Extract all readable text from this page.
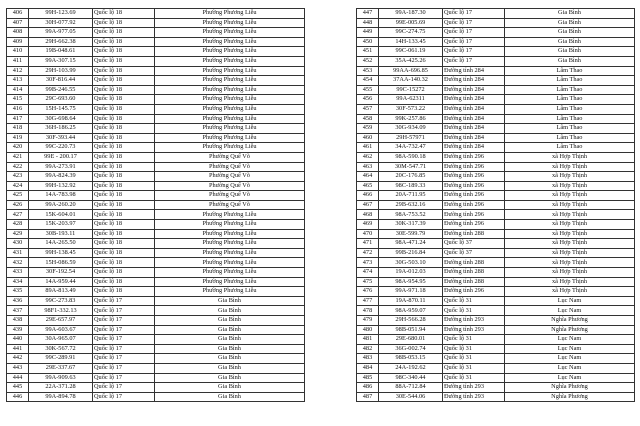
406	99H-123.69	Quốc lộ 18	Phường Phương Liễu
407	30H-077.92	Quốc lộ 18	Phường Phương Liễu
408	99A-977.05	Quốc lộ 18	Phường Phương Liễu
409	29H-662.38	Quốc lộ 18	Phường Phương Liễu
410	19B-048.61	Quốc lộ 18	Phường Phương Liễu
411	99A-307.15	Quốc lộ 18	Phường Phương Liễu
412	29H-103.99	Quốc lộ 18	Phường Phương Liễu
413	30F-816.44	Quốc lộ 18	Phường Phương Liễu
414	99B-246.55	Quốc lộ 18	Phường Phương Liễu
415	29C-693.60	Quốc lộ 18	Phường Phương Liễu
416	15H-145.75	Quốc lộ 18	Phường Phương Liễu
417	30G-698.64	Quốc lộ 18	Phường Phương Liễu
418	36H-186.25	Quốc lộ 18	Phường Phương Liễu
419	30F-393.44	Quốc lộ 18	Phường Phương Liễu
420	99C-220.73	Quốc lộ 18	Phường Phương Liễu
421	99E - 200.17	Quốc lộ 18	Phường Quế Võ
422	99A-273.91	Quốc lộ 18	Phường Quế Võ
423	99A-824.39	Quốc lộ 18	Phường Quế Võ
424	99H-132.92	Quốc lộ 18	Phường Quế Võ
425	14A-783.98	Quốc lộ 18	Phường Quế Võ
426	99A-260.20	Quốc lộ 18	Phường Quế Võ
427	15K-604.01	Quốc lộ 18	Phường Phương Liễu
428	15K-203.97	Quốc lộ 18	Phường Phương Liễu
429	30B-193.11	Quốc lộ 18	Phường Phương Liễu
430	14A-265.50	Quốc lộ 18	Phường Phương Liễu
431	99H-138.45	Quốc lộ 18	Phường Phương Liễu
432	15H-086.59	Quốc lộ 18	Phường Phương Liễu
433	30F-192.54	Quốc lộ 18	Phường Phương Liễu
434	14A-959.44	Quốc lộ 18	Phường Phương Liễu
435	89A-813.49	Quốc lộ 18	Phường Phương Liễu
436	99C-273.83	Quốc lộ 17	Gia Bình
437	98F1-332.13	Quốc lộ 17	Gia Bình
438	29E-657.97	Quốc lộ 17	Gia Bình
439	99A-603.67	Quốc lộ 17	Gia Bình
440	30A-965.07	Quốc lộ 17	Gia Bình
441	30K-567.72	Quốc lộ 17	Gia Bình
442	99C-289.91	Quốc lộ 17	Gia Bình
443	29E-337.67	Quốc lộ 17	Gia Bình
444	99A-909.63	Quốc lộ 17	Gia Bình
445	22A-371.28	Quốc lộ 17	Gia Bình
446	99A-894.78	Quốc lộ 17	Gia Bình
447	99A-187.30	Quốc lộ 17	Gia Bình
448	99E-005.69	Quốc lộ 17	Gia Bình
449	99C-274.75	Quốc lộ 17	Gia Bình
450	14H-133.45	Quốc lộ 17	Gia Bình
451	99C-061.19	Quốc lộ 17	Gia Bình
452	35A-425.26	Quốc lộ 17	Gia Bình
453	99AA-696.85	Đường tỉnh 284	Lâm Thao
454	37AA-140.32	Đường tỉnh 284	Lâm Thao
455	99C-15272	Đường tỉnh 284	Lâm Thao
456	99A-62311	Đường tỉnh 284	Lâm Thao
457	30F-573.22	Đường tỉnh 284	Lâm Thao
458	99K-257.86	Đường tỉnh 284	Lâm Thao
459	30G-934.09	Đường tỉnh 284	Lâm Thao
460	29H-57971	Đường tỉnh 284	Lâm Thao
461	34A-732.47	Đường tỉnh 284	Lâm Thao
462	98A-590.18	Đường tỉnh 296	xã Hợp Thịnh
463	30M-547.71	Đường tỉnh 296	xã Hợp Thịnh
464	20C-176.85	Đường tỉnh 296	xã Hợp Thịnh
465	98C-189.33	Đường tỉnh 296	xã Hợp Thịnh
466	20A-711.95	Đường tỉnh 296	xã Hợp Thịnh
467	29B-632.16	Đường tỉnh 296	xã Hợp Thịnh
468	98A-753.52	Đường tỉnh 296	xã Hợp Thịnh
469	30K-317.39	Đường tỉnh 296	xã Hợp Thịnh
470	30E-599.79	Đường tỉnh 288	xã Hợp Thịnh
471	98A-471.24	Quốc lộ 37	xã Hợp Thịnh
472	99B-216.84	Quốc lộ 37	xã Hợp Thịnh
473	30G-503.10	Đường tỉnh 288	xã Hợp Thịnh
474	19A-012.03	Đường tỉnh 288	xã Hợp Thịnh
475	98A-954.95	Đường tỉnh 288	xã Hợp Thịnh
476	99A-971.18	Đường tỉnh 296	xã Hợp Thịnh
477	19A-870.11	Quốc lộ 31	Lục Nam
478	98A-959.07	Quốc lộ 31	Lục Nam
479	29H-566.28	Đường tỉnh 293	Nghĩa Phương
480	98B-051.94	Đường tỉnh 293	Nghĩa Phương
481	29E-680.01	Quốc lộ 31	Lục Nam
482	36G-002.74	Quốc lộ 31	Lục Nam
483	98B-053.15	Quốc lộ 31	Lục Nam
484	24A-192.62	Quốc lộ 31	Lục Nam
485	98C-340.44	Quốc lộ 31	Lục Nam
486	88A-712.84	Đường tỉnh 293	Nghĩa Phương
487	30E-544.06	Đường tỉnh 293	Nghĩa Phương
